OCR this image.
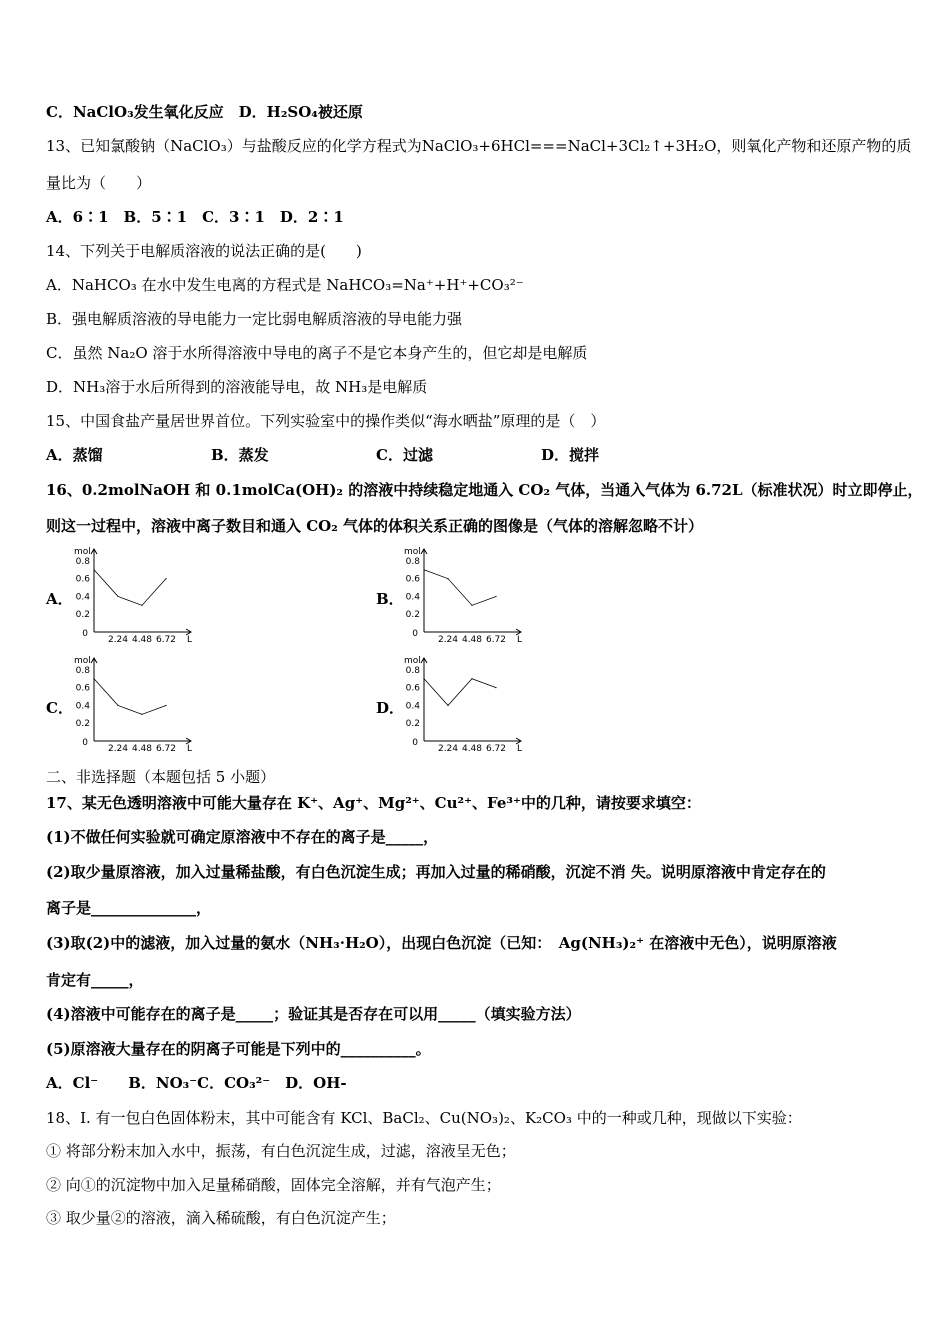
C．NaClO₃发生氧化反应　D．H₂SO₄被还原
13、已知氯酸钠（NaClO₃）与盐酸反应的化学方程式为NaClO₃+6HCl===NaCl+3Cl₂↑+3H₂O，则氧化产物和还原产物的质
量比为（　　）
A．6∶1　B．5∶1　C．3∶1　D．2∶1
14、下列关于电解质溶液的说法正确的是(　　)
A．NaHCO₃ 在水中发生电离的方程式是 NaHCO₃=Na⁺+H⁺+CO₃²⁻
B．强电解质溶液的导电能力一定比弱电解质溶液的导电能力强
C．虽然 Na₂O 溶于水所得溶液中导电的离子不是它本身产生的，但它却是电解质
D．NH₃溶于水后所得到的溶液能导电，故 NH₃是电解质
15、中国食盐产量居世界首位。下列实验室中的操作类似“海水晒盐”原理的是（　）
A．蒸馏	B．蒸发	C．过滤	D．搅拌
16、0.2molNaOH 和 0.1molCa(OH)₂ 的溶液中持续稳定地通入 CO₂ 气体，当通入气体为 6.72L（标准状况）时立即停止，
则这一过程中，溶液中离子数目和通入 CO₂ 气体的体积关系正确的图像是（气体的溶解忽略不计）
A．	B．
C．	D．
mol
0.8
0.6
0.4
0.2
0
2.24 4.48 6.72 L
mol
0.8
0.6
0.4
0.2
0
2.24 4.48 6.72 L
mol
0.8
0.6
0.4
0.2
0
2.24 4.48 6.72 L
mol
0.8
0.6
0.4
0.2
0
2.24 4.48 6.72 L
二、非选择题（本题包括 5 小题）
17、某无色透明溶液中可能大量存在 K⁺、Ag⁺、Mg²⁺、Cu²⁺、Fe³⁺中的几种，请按要求填空：
(1)不做任何实验就可确定原溶液中不存在的离子是_____，
(2)取少量原溶液，加入过量稀盐酸，有白色沉淀生成；再加入过量的稀硝酸，沉淀不消 失。说明原溶液中肯定存在的
离子是______________，
(3)取(2)中的滤液，加入过量的氨水（NH₃·H₂O），出现白色沉淀（已知：　Ag(NH₃)₂⁺ 在溶液中无色），说明原溶液
肯定有_____，
(4)溶液中可能存在的离子是_____；验证其是否存在可以用_____（填实验方法）
(5)原溶液大量存在的阴离子可能是下列中的__________。
A．Cl⁻　　B．NO₃⁻C．CO₃²⁻　D．OH-
18、Ⅰ. 有一包白色固体粉末，其中可能含有 KCl、BaCl₂、Cu(NO₃)₂、K₂CO₃ 中的一种或几种，现做以下实验：
① 将部分粉末加入水中，振荡，有白色沉淀生成，过滤，溶液呈无色；
② 向①的沉淀物中加入足量稀硝酸，固体完全溶解，并有气泡产生；
③ 取少量②的溶液，滴入稀硫酸，有白色沉淀产生；
